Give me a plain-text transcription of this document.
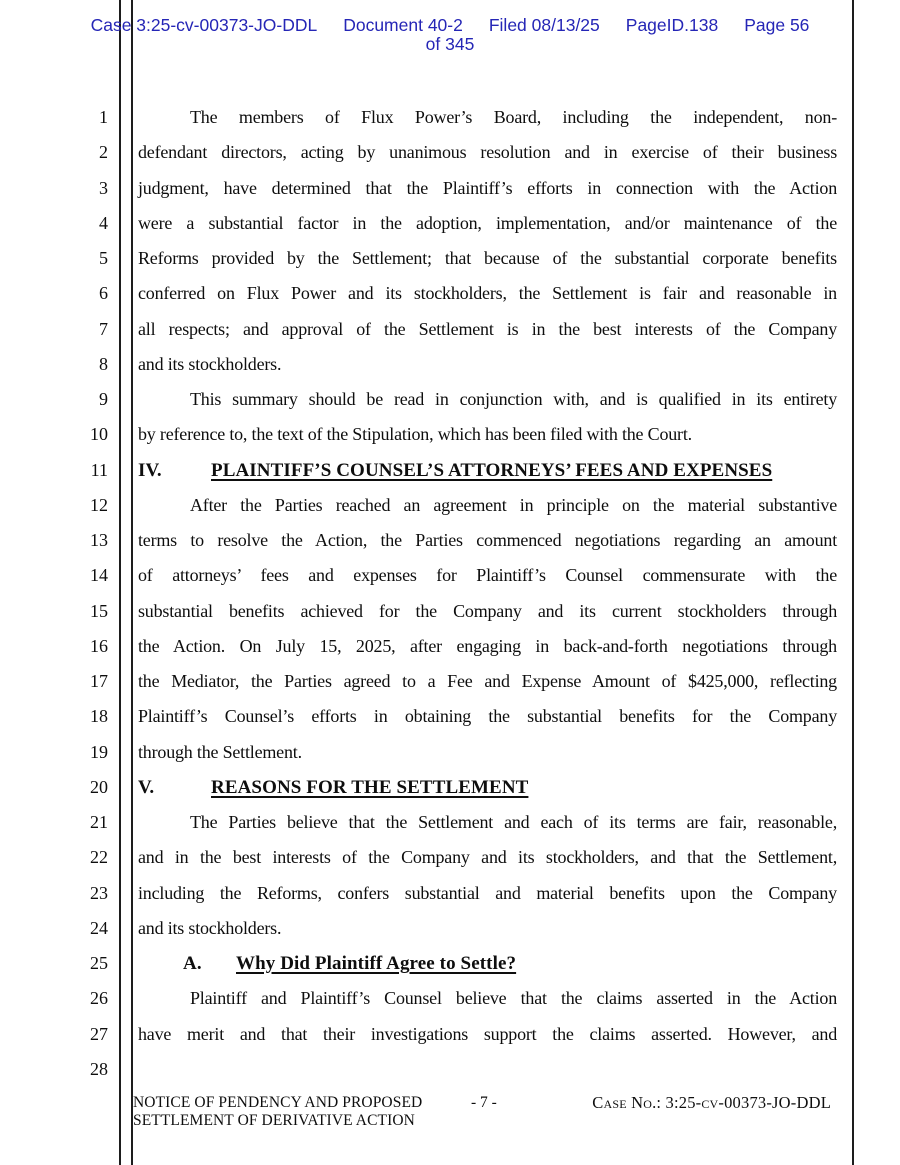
Case 3:25-cv-00373-JO-DDL Document 40-2 Filed 08/13/25 PageID.138 Page 56
of 345
1
2
3
4
5
6
7
8
9
10
11
12
13
14
15
16
17
18
19
20
21
22
23
24
25
26
27
28
The members of Flux Power’s Board, including the independent, non-
defendant directors, acting by unanimous resolution and in exercise of their business
judgment, have determined that the Plaintiff’s efforts in connection with the Action
were a substantial factor in the adoption, implementation, and/or maintenance of the
Reforms provided by the Settlement; that because of the substantial corporate benefits
conferred on Flux Power and its stockholders, the Settlement is fair and reasonable in
all respects; and approval of the Settlement is in the best interests of the Company
and its stockholders.
This summary should be read in conjunction with, and is qualified in its entirety
by reference to, the text of the Stipulation, which has been filed with the Court.
IV.	PLAINTIFF’S COUNSEL’S ATTORNEYS’ FEES AND EXPENSES
After the Parties reached an agreement in principle on the material substantive
terms to resolve the Action, the Parties commenced negotiations regarding an amount
of attorneys’ fees and expenses for Plaintiff’s Counsel commensurate with the
substantial benefits achieved for the Company and its current stockholders through
the Action. On July 15, 2025, after engaging in back-and-forth negotiations through
the Mediator, the Parties agreed to a Fee and Expense Amount of $425,000, reflecting
Plaintiff’s Counsel’s efforts in obtaining the substantial benefits for the Company
through the Settlement.
V.	REASONS FOR THE SETTLEMENT
The Parties believe that the Settlement and each of its terms are fair, reasonable,
and in the best interests of the Company and its stockholders, and that the Settlement,
including the Reforms, confers substantial and material benefits upon the Company
and its stockholders.
A. Why Did Plaintiff Agree to Settle?
Plaintiff and Plaintiff’s Counsel believe that the claims asserted in the Action
have merit and that their investigations support the claims asserted. However, and
NOTICE OF PENDENCY AND PROPOSED
SETTLEMENT OF DERIVATIVE ACTION
- 7 -	Case No.: 3:25-cv-00373-JO-DDL
